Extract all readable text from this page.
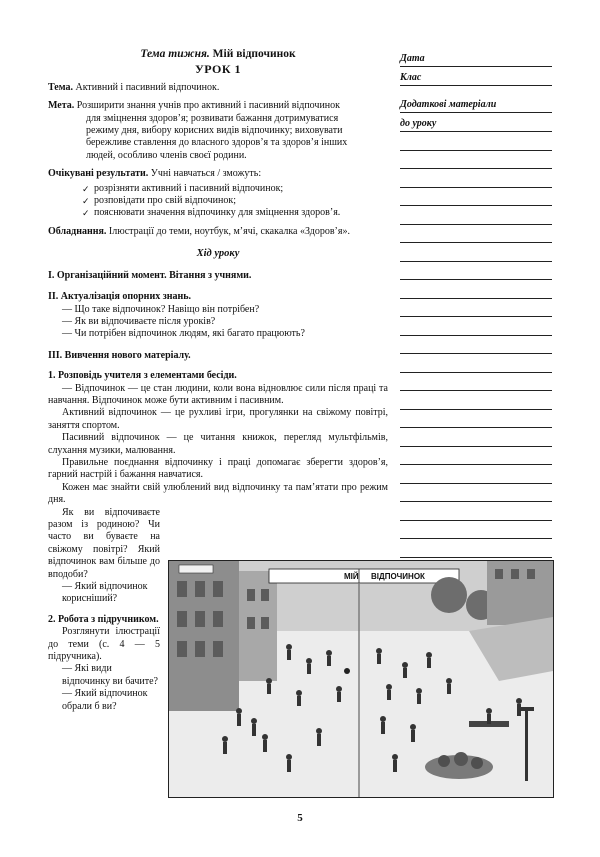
Тема тижня. Мій відпочинок
УРОК 1
Тема. Активний і пасивний відпочинок.
Мета. Розширити знання учнів про активний і пасивний відпочинок
для зміцнення здоров’я; розвивати бажання дотримуватися
режиму дня, вибору корисних видів відпочинку; виховувати
бережливе ставлення до власного здоров’я та здоров’я інших
людей, особливо членів своєї родини.
Очікувані результати. Учні навчаться / зможуть:
✓ розрізняти активний і пасивний відпочинок;
✓ розповідати про свій відпочинок;
✓ пояснювати значення відпочинку для зміцнення здоров’я.
Обладнання. Ілюстрації до теми, ноутбук, м’ячі, скакалка «Здоров’я».
Хід уроку
I. Організаційний момент. Вітання з учнями.
II. Актуалізація опорних знань.
— Що таке відпочинок? Навіщо він потрібен?
— Як ви відпочиваєте після уроків?
— Чи потрібен відпочинок людям, які багато працюють?
III. Вивчення нового матеріалу.
1. Розповідь учителя з елементами бесіди.

— Відпочинок — це стан людини, коли вона відновлює сили після праці та навчання. Відпочинок може бути активним і пасивним.

Активний відпочинок — це рухливі ігри, прогулянки на свіжому повітрі, заняття спортом.

Пасивний відпочинок — це читання книжок, перегляд мультфільмів, слухання музики, малювання.

Правильне поєднання відпочинку і праці допомагає зберегти здоров’я, гарний настрій і бажання навчатися.

Кожен має знайти свій улюблений вид відпочинку та пам’ятати про режим дня.

Як ви відпочиваєте разом із родиною? Чи часто ви буваєте на свіжому повітрі? Який відпочинок вам більше до вподоби?

— Який відпочинок корисніший?
2. Робота з підручником.

Розглянути ілюстрації до теми (с. 4 — 5 підручника).

— Які види відпочинку ви бачите?
— Який відпочинок обрали б ви?
Дата
Клас
Додаткові матеріали
до уроку
МІЙ ВІДПОЧИНОК
5
